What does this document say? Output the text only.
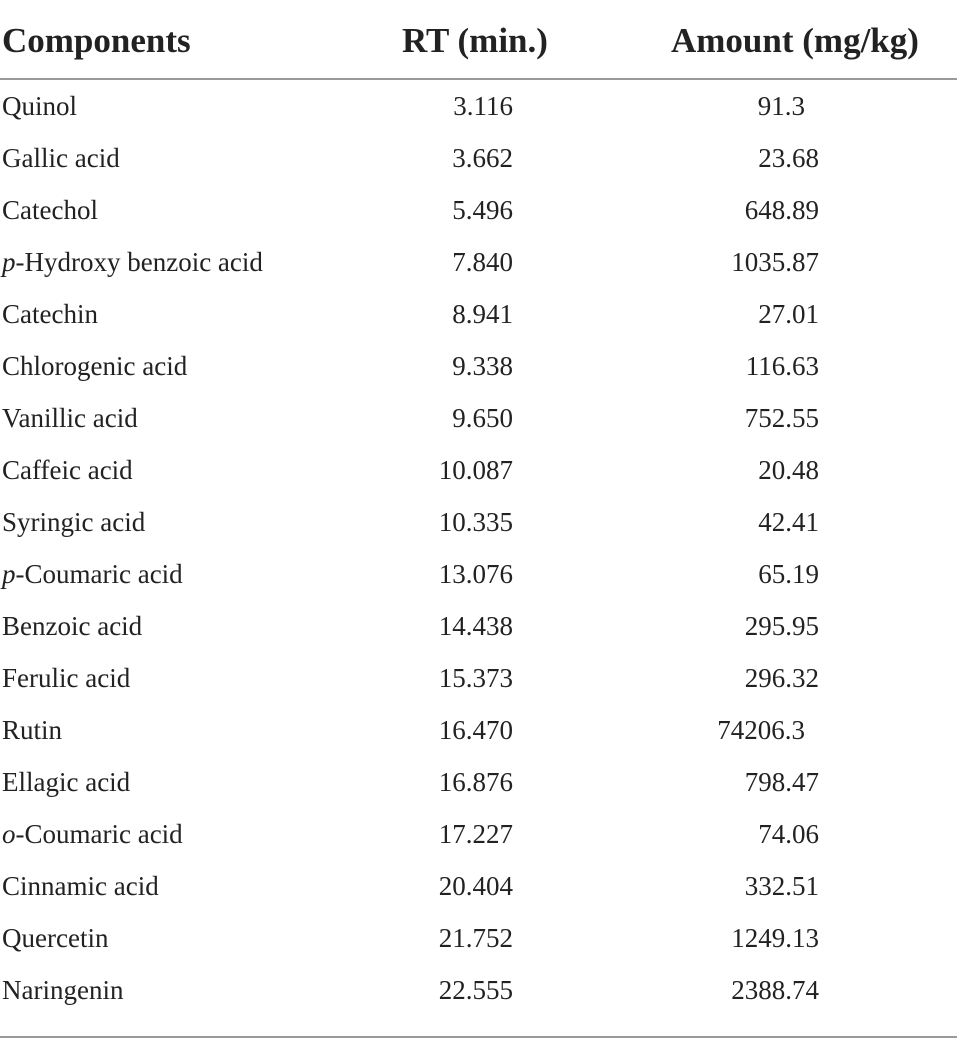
Components	RT (min.)	Amount (mg/kg)
Quinol	3.116	91.3
Gallic acid	3.662	23.68
Catechol	5.496	648.89
p-Hydroxy benzoic acid	7.840	1035.87
Catechin	8.941	27.01
Chlorogenic acid	9.338	116.63
Vanillic acid	9.650	752.55
Caffeic acid	10.087	20.48
Syringic acid	10.335	42.41
p-Coumaric acid	13.076	65.19
Benzoic acid	14.438	295.95
Ferulic acid	15.373	296.32
Rutin	16.470	74206.3
Ellagic acid	16.876	798.47
o-Coumaric acid	17.227	74.06
Cinnamic acid	20.404	332.51
Quercetin	21.752	1249.13
Naringenin	22.555	2388.74
